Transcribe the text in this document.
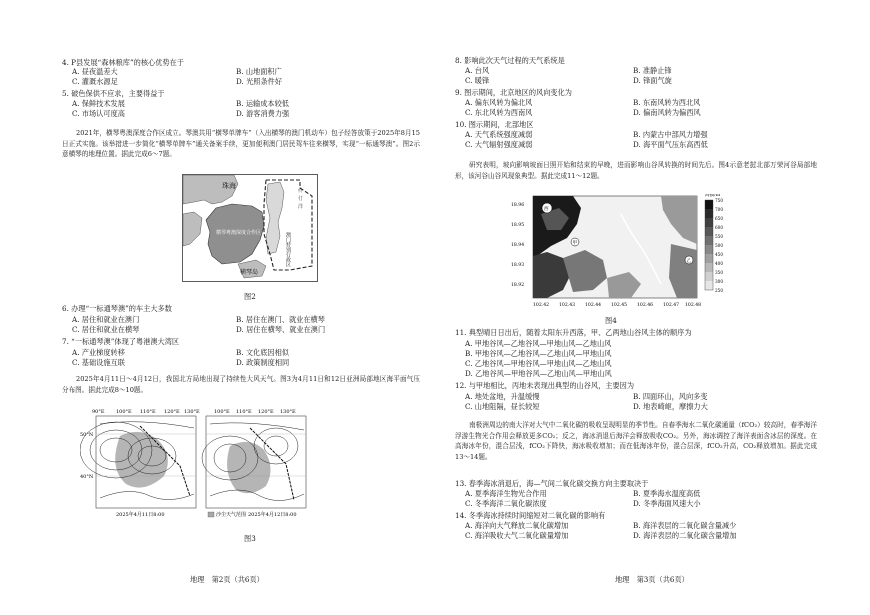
4. P县发展“森林粮库”的核心优势在于
A. 昼夜温差大	B. 山地面积广
C. 灌溉水源足	D. 光照条件好
5. 破色保供不应求，主要得益于
A. 保鲜技术发展	B. 运输成本较低
C. 市场认可度高	D. 游客消费力强
2021年，横琴粤澳深度合作区成立。琴澳共用“横琴单牌车”（入出横琴的澳门机动车）包子经答放策于2025年8月15日正式实施。该举措进一步简化“横琴单牌车”通关备案手续，更加便利澳门居民驾车往来横琴，实现“一标通琴澳”。图2示意横琴的地理位置。据此完成6～7题。
伶
仃
洋
珠海
澳门特别行政区
横琴粤澳深度合作区
横琴岛
图2
6. 办理“一标通琴澳”的车主大多数
A. 居住和就业在澳门	B. 居住在澳门、就业在横琴
C. 居住和就业在横琴	D. 居住在横琴、就业在澳门
7. “一标通琴澳”体现了粤港澳大湾区
A. 产业梯度转移	B. 文化底因相似
C. 基础设施互联	D. 政策制度相同
2025年4月11日～4月12日，我国北方局地出现了持续性大风天气。图3为4月11日和12日亚洲局部地区海平面气压分布图。据此完成8～10题。
90°E 100°E 110°E 120°E 130°E	100°E 110°E 120°E 130°E
50°N
40°N
2025年4月11日8:00	沙尘天气范围 2025年4月12日8:00
图3
地理　第2页（共6页）
8. 影响此次天气过程的天气系统是
A. 台风	B. 准静止锋
C. 暖锋	D. 锋面气旋
9. 图示期间，北京地区的风向变化为
A. 偏东风转为偏北风	B. 东南风转为西北风
C. 东北风转为西南风	D. 偏南风转为偏西风
10. 图示期间，北部地区
A. 天气系统强度减弱	B. 内蒙古中部风力增强
C. 大气辐射强度减弱	D. 海平面气压东高西低
研究表明，坡向影响坡面日照开始和结束的早晚，进而影响山谷风转换的时间先后。图4示意老挝北部万荣河谷局部地形，该河谷山谷风现象典型。据此完成11～12题。
18.96
18.95
18.94
18.93
18.92
西
甲
乙
102.42 102.43 102.44 102.45 102.46 102.47 102.48
海拔/m
750
700
650
600
550
500
450
400
350
300
250
图4
11. 典型晴日日出后，随着太阳东升西落，甲、乙两地山谷风主体的顺序为
A. 甲地谷风—乙地谷风—甲地山风—乙地山风
B. 甲地谷风—乙地谷风—乙地山风—甲地山风
C. 乙地谷风—甲地谷风—甲地山风—乙地山风
D. 乙地谷风—甲地谷风—乙地山风—甲地山风
12. 与甲地相比，丙地未表现出典型的山谷风，主要因为
A. 地处盆地，升温缓慢	B. 四面环山，风向多变
C. 山地阻隔，昼长较短	D. 地表崎岖，摩擦力大
南极洲周边的南大洋对大气中二氧化碳的吸收呈现明显的季节性。自春季海水二氧化碳通量（fCO₂）较高时，春季海洋浮游生物光合作用会释放更多CO₂；反之，海冰消退后海洋会释放吸收CO₂。另外，海冰调控了海洋表面含冰层的深度。在高海冰年份，混合层浅，fCO₂下降快，海冰吸收增加；而在低海冰年份，混合层深，fCO₂升高，CO₂释放增加。据此完成13～14题。
13. 春季海冰消退后，海—气间二氧化碳交换方向主要取决于
A. 夏季海洋生物光合作用	B. 夏季海水温度高低
C. 冬季海洋二氧化碳浓度	D. 冬季海面风速大小
14. 冬季海冰持续时间缩短对二氧化碳的影响有
A. 海洋向大气释放二氧化碳增加	B. 海洋表层的二氧化碳含量减少
C. 海洋吸收大气二氧化碳量增加	D. 海洋表层的二氧化碳含量增加
地理　第3页（共6页）
